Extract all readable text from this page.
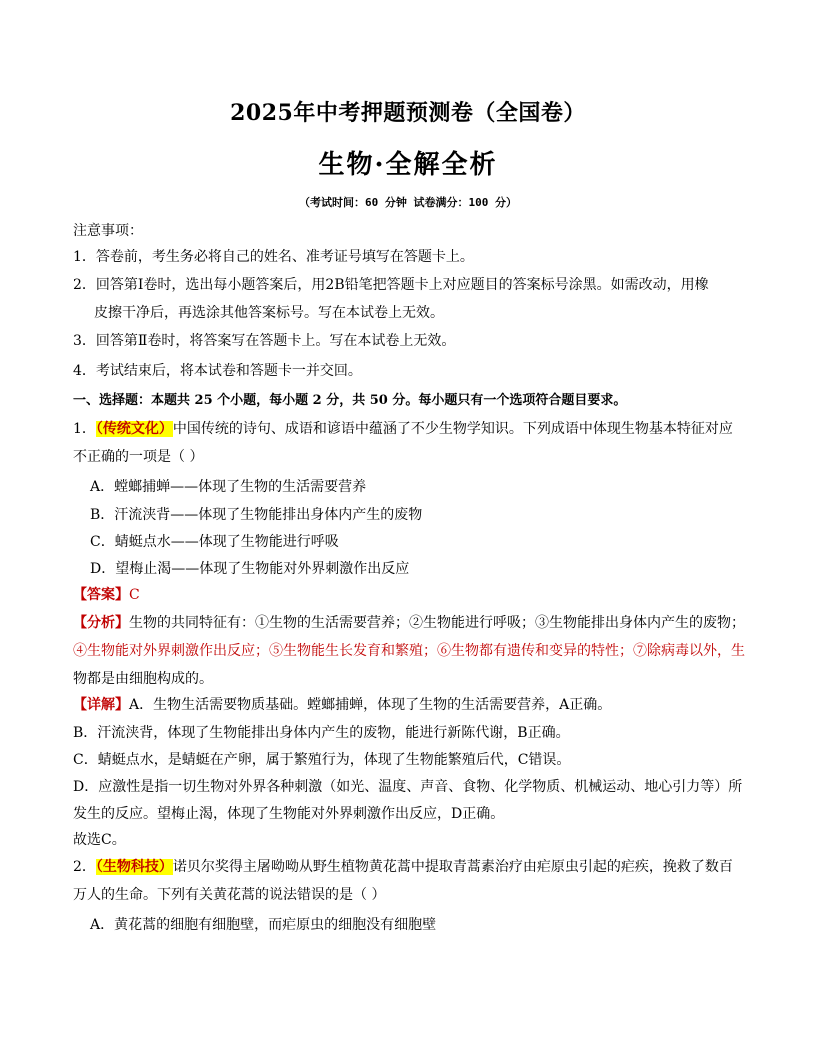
2025年中考押题预测卷（全国卷）
生物·全解全析
（考试时间：60 分钟 试卷满分：100 分）
注意事项：
1．答卷前，考生务必将自己的姓名、准考证号填写在答题卡上。
2．回答第Ⅰ卷时，选出每小题答案后，用2B铅笔把答题卡上对应题目的答案标号涂黑。如需改动，用橡
皮擦干净后，再选涂其他答案标号。写在本试卷上无效。
3．回答第Ⅱ卷时，将答案写在答题卡上。写在本试卷上无效。
4．考试结束后，将本试卷和答题卡一并交回。
一、选择题：本题共 25 个小题，每小题 2 分，共 50 分。每小题只有一个选项符合题目要求。
1．（传统文化）中国传统的诗句、成语和谚语中蕴涵了不少生物学知识。下列成语中体现生物基本特征对应
不正确的一项是（ ）
A．螳螂捕蝉——体现了生物的生活需要营养
B．汗流浃背——体现了生物能排出身体内产生的废物
C．蜻蜓点水——体现了生物能进行呼吸
D．望梅止渴——体现了生物能对外界刺激作出反应
【答案】C
【分析】生物的共同特征有：①生物的生活需要营养；②生物能进行呼吸；③生物能排出身体内产生的废物；
④生物能对外界刺激作出反应；⑤生物能生长发育和繁殖；⑥生物都有遗传和变异的特性；⑦除病毒以外，生
物都是由细胞构成的。
【详解】A．生物生活需要物质基础。螳螂捕蝉，体现了生物的生活需要营养，A正确。
B．汗流浃背，体现了生物能排出身体内产生的废物，能进行新陈代谢，B正确。
C．蜻蜓点水，是蜻蜓在产卵，属于繁殖行为，体现了生物能繁殖后代，C错误。
D．应激性是指一切生物对外界各种刺激（如光、温度、声音、食物、化学物质、机械运动、地心引力等）所
发生的反应。望梅止渴，体现了生物能对外界刺激作出反应，D正确。
故选C。
2．（生物科技）诺贝尔奖得主屠呦呦从野生植物黄花蒿中提取青蒿素治疗由疟原虫引起的疟疾，挽救了数百
万人的生命。下列有关黄花蒿的说法错误的是（ ）
A．黄花蒿的细胞有细胞壁，而疟原虫的细胞没有细胞壁
